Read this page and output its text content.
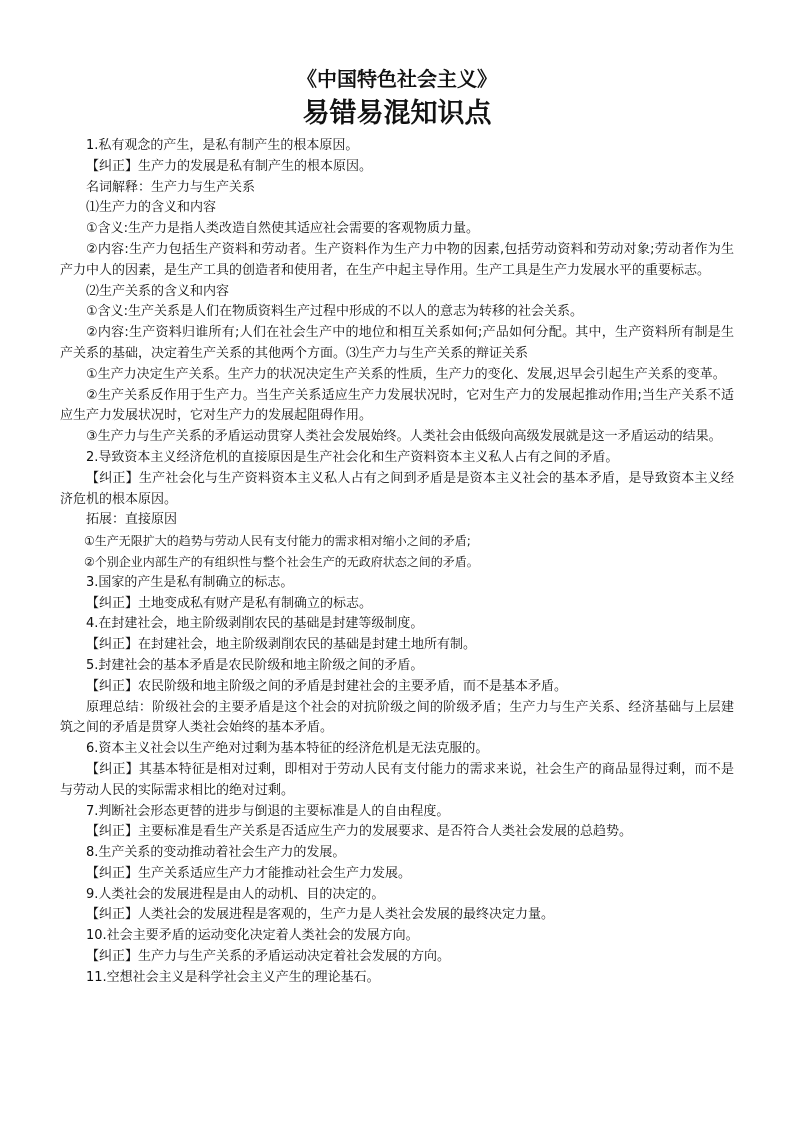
《中国特色社会主义》
易错易混知识点

1.私有观念的产生，是私有制产生的根本原因。

【纠正】生产力的发展是私有制产生的根本原因。

名词解释：生产力与生产关系

⑴生产力的含义和内容

①含义:生产力是指人类改造自然使其适应社会需要的客观物质力量。

②内容:生产力包括生产资料和劳动者。生产资料作为生产力中物的因素,包括劳动资料和劳动对象;劳动者作为生产力中人的因素，是生产工具的创造者和使用者，在生产中起主导作用。生产工具是生产力发展水平的重要标志。

⑵生产关系的含义和内容

①含义:生产关系是人们在物质资料生产过程中形成的不以人的意志为转移的社会关系。

②内容:生产资料归谁所有;人们在社会生产中的地位和相互关系如何;产品如何分配。其中，生产资料所有制是生产关系的基础，决定着生产关系的其他两个方面。⑶生产力与生产关系的辩证关系

①生产力决定生产关系。生产力的状况决定生产关系的性质，生产力的变化、发展,迟早会引起生产关系的变革。

②生产关系反作用于生产力。当生产关系适应生产力发展状况时，它对生产力的发展起推动作用;当生产关系不适应生产力发展状况时，它对生产力的发展起阻碍作用。

③生产力与生产关系的矛盾运动贯穿人类社会发展始终。人类社会由低级向高级发展就是这一矛盾运动的结果。

2.导致资本主义经济危机的直接原因是生产社会化和生产资料资本主义私人占有之间的矛盾。

【纠正】生产社会化与生产资料资本主义私人占有之间到矛盾是是资本主义社会的基本矛盾，是导致资本主义经济危机的根本原因。

拓展：直接原因

①生产无限扩大的趋势与劳动人民有支付能力的需求相对缩小之间的矛盾;

②个别企业内部生产的有组织性与整个社会生产的无政府状态之间的矛盾。

3.国家的产生是私有制确立的标志。

【纠正】土地变成私有财产是私有制确立的标志。

4.在封建社会，地主阶级剥削农民的基础是封建等级制度。

【纠正】在封建社会，地主阶级剥削农民的基础是封建土地所有制。

5.封建社会的基本矛盾是农民阶级和地主阶级之间的矛盾。

【纠正】农民阶级和地主阶级之间的矛盾是封建社会的主要矛盾，而不是基本矛盾。

原理总结：阶级社会的主要矛盾是这个社会的对抗阶级之间的阶级矛盾；生产力与生产关系、经济基础与上层建筑之间的矛盾是贯穿人类社会始终的基本矛盾。

6.资本主义社会以生产绝对过剩为基本特征的经济危机是无法克服的。

【纠正】其基本特征是相对过剩，即相对于劳动人民有支付能力的需求来说，社会生产的商品显得过剩，而不是与劳动人民的实际需求相比的绝对过剩。

7.判断社会形态更替的进步与倒退的主要标准是人的自由程度。

【纠正】主要标准是看生产关系是否适应生产力的发展要求、是否符合人类社会发展的总趋势。

8.生产关系的变动推动着社会生产力的发展。

【纠正】生产关系适应生产力才能推动社会生产力发展。

9.人类社会的发展进程是由人的动机、目的决定的。

【纠正】人类社会的发展进程是客观的，生产力是人类社会发展的最终决定力量。

10.社会主要矛盾的运动变化决定着人类社会的发展方向。

【纠正】生产力与生产关系的矛盾运动决定着社会发展的方向。

11.空想社会主义是科学社会主义产生的理论基石。
